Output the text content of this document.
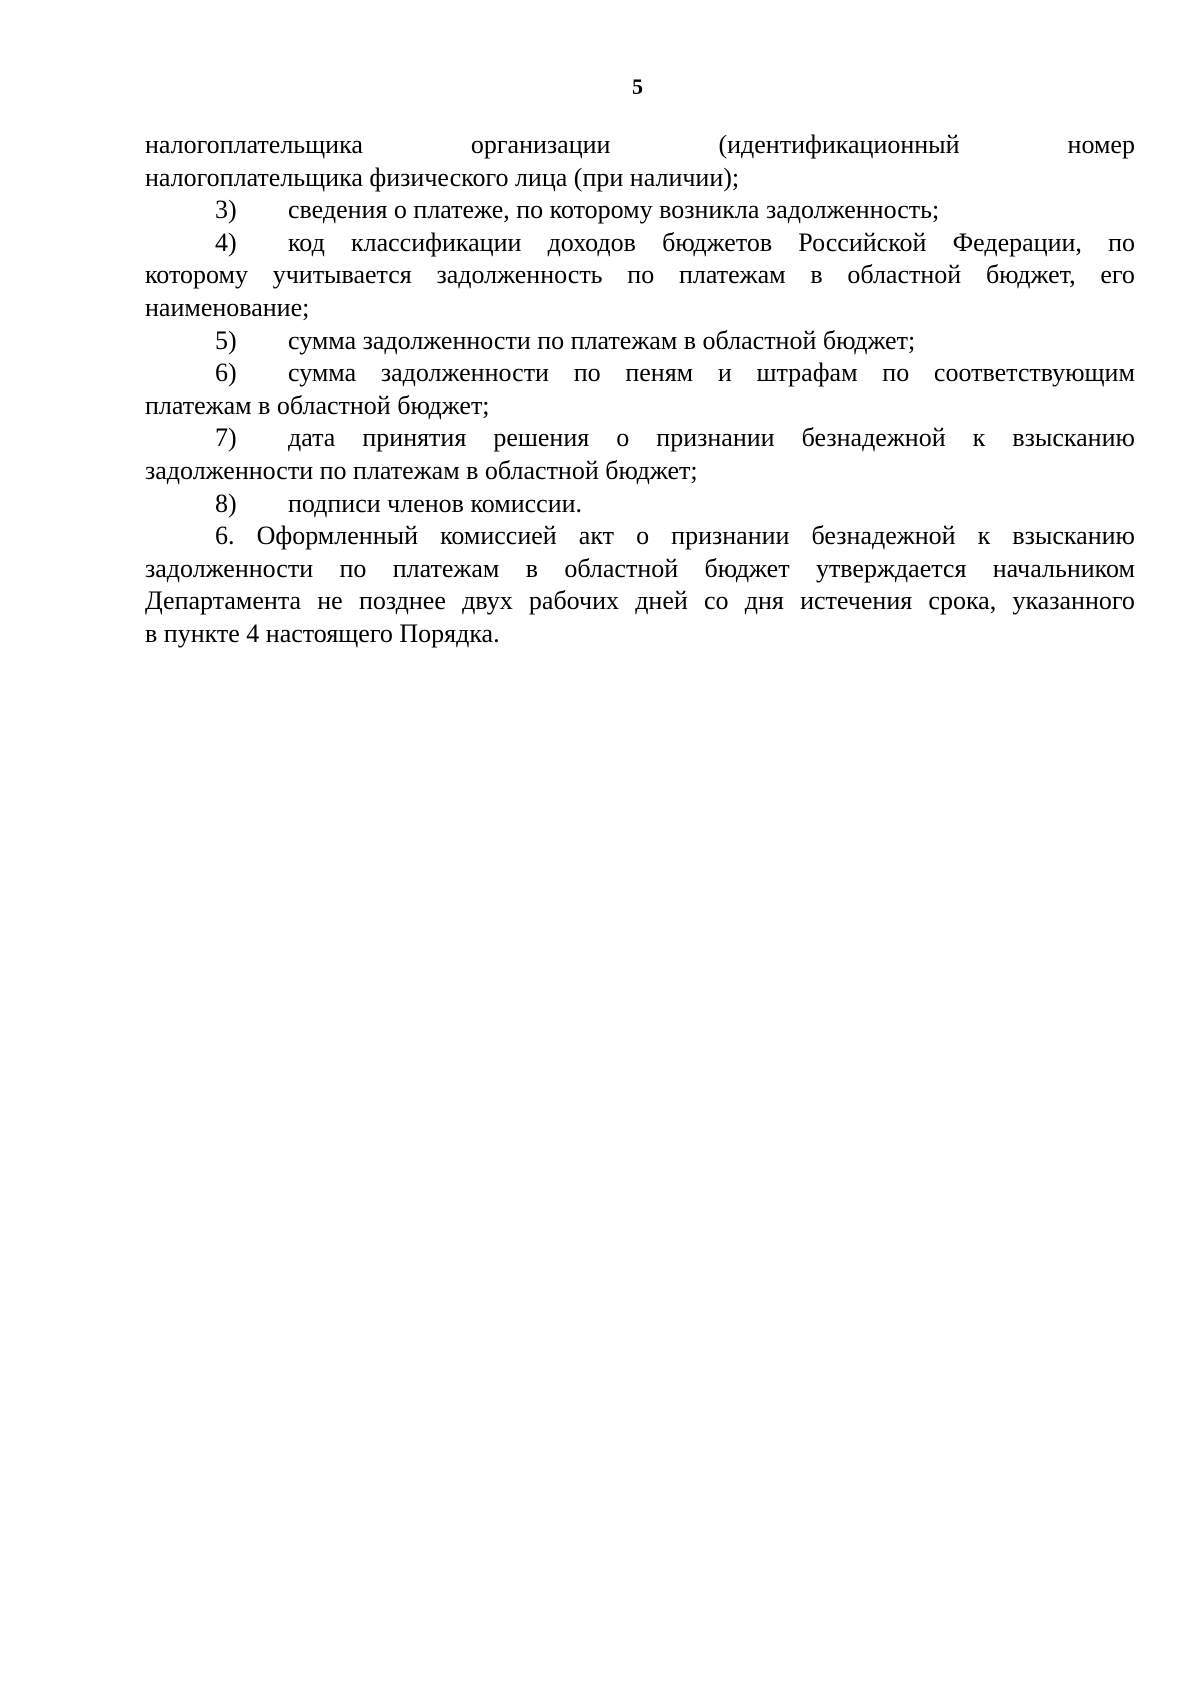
5
налогоплательщика	организации	(идентификационный	номер
налогоплательщика физического лица (при наличии);
3)	сведения о платеже, по которому возникла задолженность;
4)	код классификации доходов бюджетов Российской Федерации, по
которому учитывается задолженность по платежам в областной бюджет, его
наименование;
5)	сумма задолженности по платежам в областной бюджет;
6)	сумма задолженности по пеням и штрафам по соответствующим
платежам в областной бюджет;
7)	дата принятия решения о признании безнадежной к взысканию
задолженности по платежам в областной бюджет;
8)	подписи членов комиссии.
6. Оформленный комиссией акт о признании безнадежной к взысканию
задолженности по платежам в областной бюджет утверждается начальником
Департамента не позднее двух рабочих дней со дня истечения срока, указанного
в пункте 4 настоящего Порядка.
